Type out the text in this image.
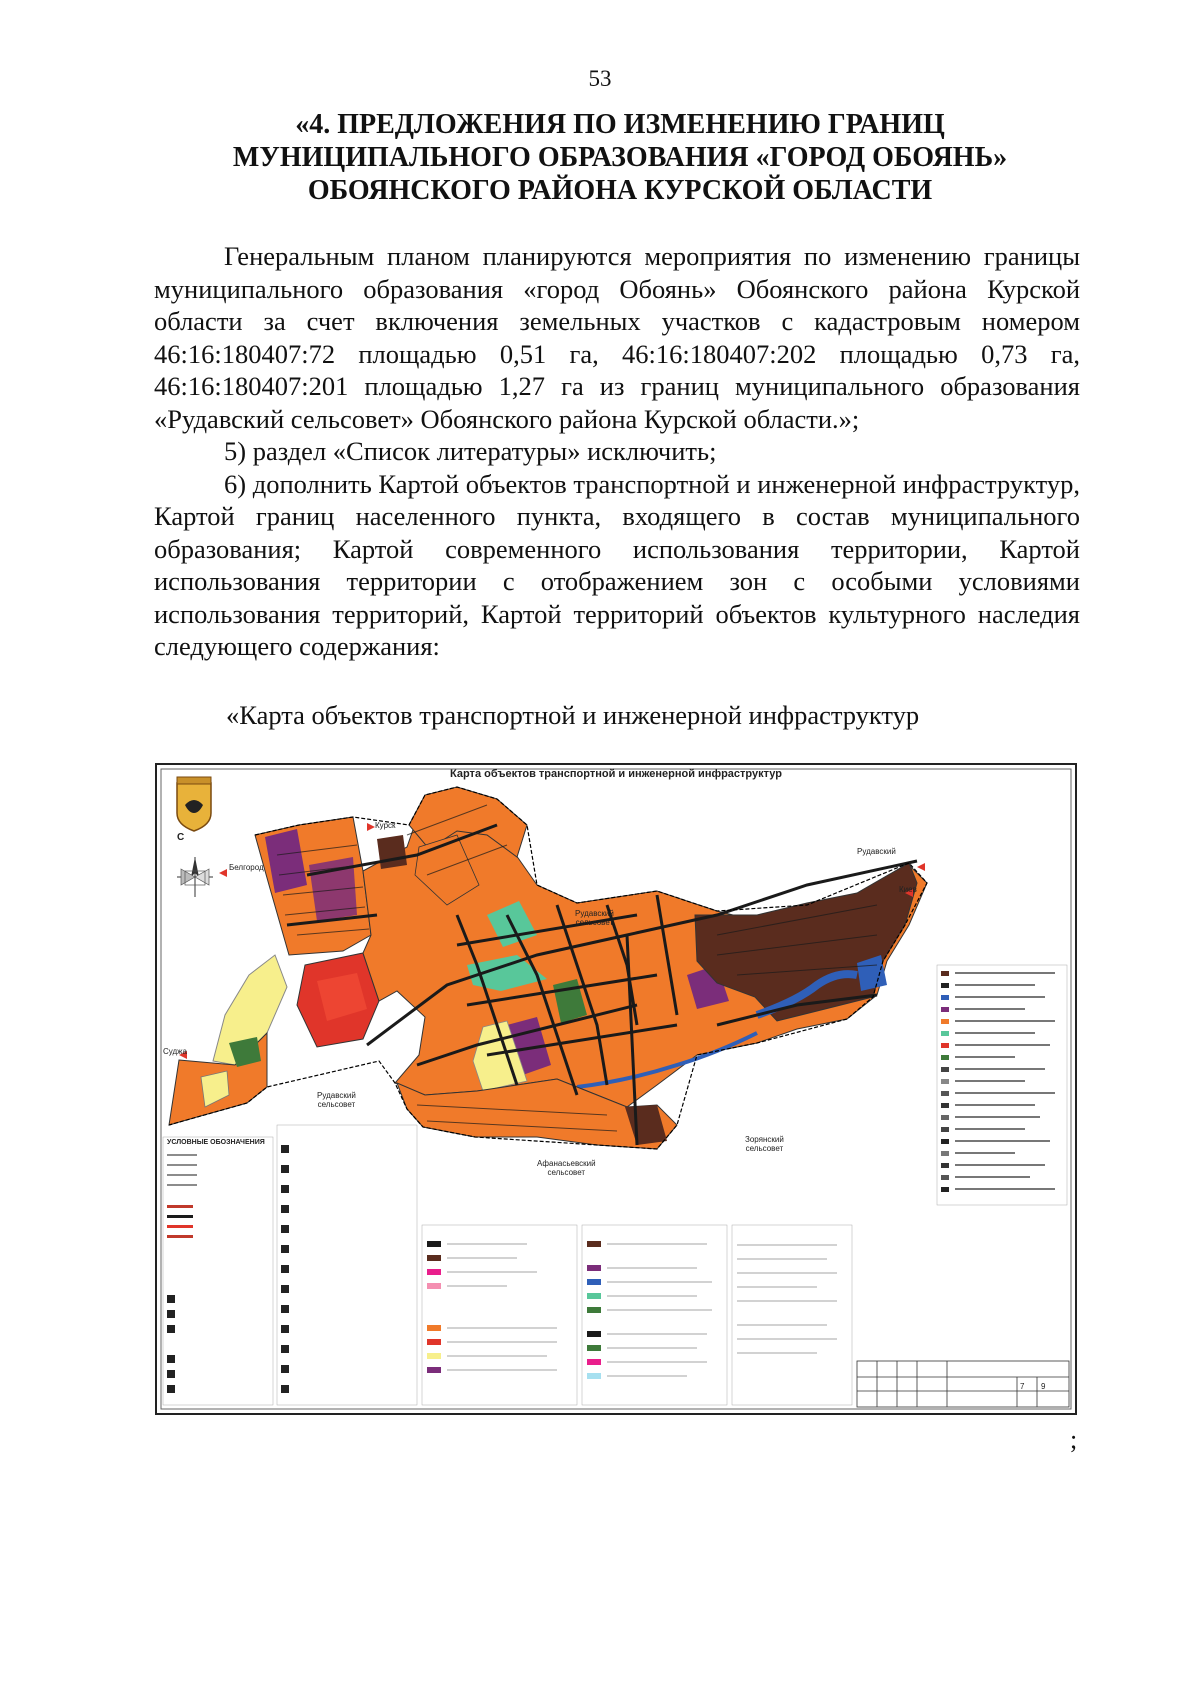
53
«4. ПРЕДЛОЖЕНИЯ ПО ИЗМЕНЕНИЮ ГРАНИЦ
МУНИЦИПАЛЬНОГО ОБРАЗОВАНИЯ «ГОРОД ОБОЯНЬ»
ОБОЯНСКОГО РАЙОНА КУРСКОЙ ОБЛАСТИ

Генеральным планом планируются мероприятия по изменению границы муниципального образования «город Обоянь» Обоянского района Курской области за счет включения земельных участков с кадастровым номером 46:16:180407:72 площадью 0,51 га, 46:16:180407:202 площадью 0,73 га, 46:16:180407:201 площадью 1,27 га из границ муниципального образования «Рудавский сельсовет» Обоянского района Курской области.»;

5) раздел «Список литературы» исключить;

6) дополнить Картой объектов транспортной и инженерной инфраструктур, Картой границ населенного пункта, входящего в состав муниципального образования; Картой современного использования территории, Картой использования территории с отображением зон с особыми условиями использования территорий, Картой территорий объектов культурного наследия следующего содержания:

«Карта объектов транспортной и инженерной инфраструктур
7 9
Карта объектов транспортной и инженерной инфраструктур
С
Курск
Белгород
Суджа
Рудавский
Киев
Рудавский
сельсовет
Рудавский
сельсовет
Зорянский
сельсовет
Афанасьевский
сельсовет
УСЛОВНЫЕ ОБОЗНАЧЕНИЯ
;
